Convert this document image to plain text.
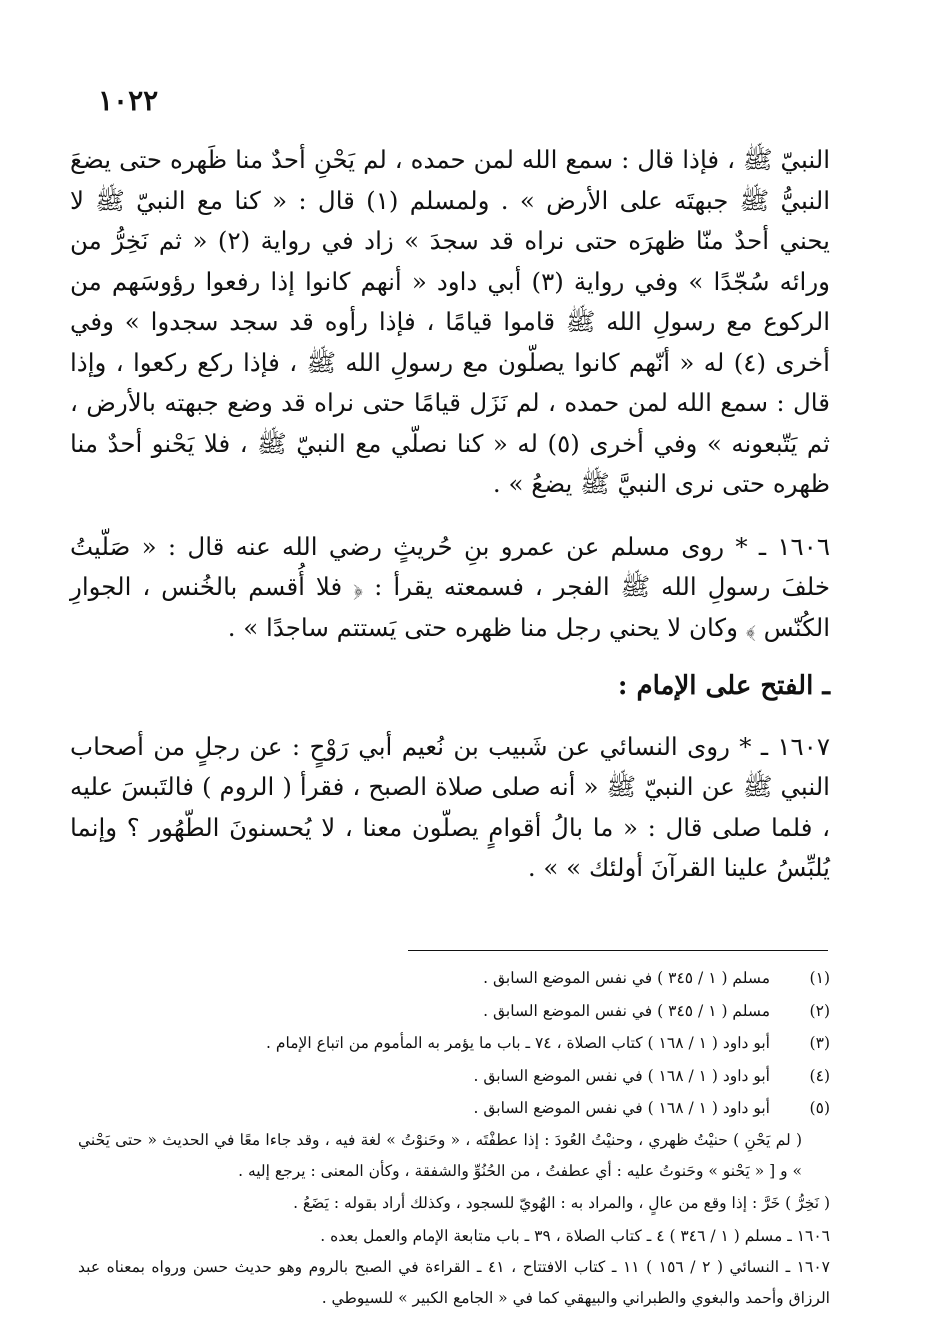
١٠٢٢

النبيّ ﷺ ، فإذا قال : سمع الله لمن حمده ، لم يَحْنِ أحدٌ منا ظَهره حتى يضعَ النبيُّ ﷺ جبهتَه على الأرض » . ولمسلم (١) قال : « كنا مع النبيّ ﷺ لا يحني أحدٌ منّا ظهرَه حتى نراه قد سجدَ » زاد في رواية (٢) « ثم نَخِرُّ من ورائه سُجّدًا » وفي رواية (٣) أبي داود « أنهم كانوا إذا رفعوا رؤوسَهم من الركوع مع رسولِ الله ﷺ قاموا قيامًا ، فإذا رأوه قد سجد سجدوا » وفي أخرى (٤) له « أنّهم كانوا يصلّون مع رسولِ الله ﷺ ، فإذا ركع ركعوا ، وإذا قال : سمع الله لمن حمده ، لم نَزَل قيامًا حتى نراه قد وضع جبهته بالأرض ، ثم يَتّبعونه » وفي أخرى (٥) له « كنا نصلّي مع النبيّ ﷺ ، فلا يَحْنو أحدٌ منا ظهره حتى نرى النبيَّ ﷺ يضعُ » .

١٦٠٦ ـ * روى مسلم عن عمرو بنِ حُريثٍ رضي الله عنه قال : « صَلّيتُ خلفَ رسولِ الله ﷺ الفجر ، فسمعته يقرأ : ﴿ فلا أُقسم بالخُنس ، الجوارِ الكُنّس ﴾ وكان لا يحني رجل منا ظهره حتى يَستتم ساجدًا » .

ـ الفتح على الإمام :

١٦٠٧ ـ * روى النسائي عن شَبيب بن نُعيم أبي رَوْحٍ : عن رجلٍ من أصحاب النبي ﷺ عن النبيّ ﷺ « أنه صلى صلاة الصبح ، فقرأ ( الروم ) فالتَبسَ عليه ، فلما صلى قال : « ما بالُ أقوامٍ يصلّون معنا ، لا يُحسنونَ الطّهُور ؟ وإنما يُلبِّسُ علينا القرآنَ أولئك » » .

(١)مسلم ( ١ / ٣٤٥ ) في نفس الموضع السابق .

(٢)مسلم ( ١ / ٣٤٥ ) في نفس الموضع السابق .

(٣)أبو داود ( ١ / ١٦٨ ) كتاب الصلاة ، ٧٤ ـ باب ما يؤمر به المأموم من اتباع الإمام .

(٤)أبو داود ( ١ / ١٦٨ ) في نفس الموضع السابق .

(٥)أبو داود ( ١ / ١٦٨ ) في نفس الموضع السابق .

( لم يَحْنِ ) حنيْتُ ظهري ، وحنيْتُ العُودَ : إذا عطفْتَه ، « وحَنوْتُ » لغة فيه ، وقد جاءا معًا في الحديث « حتى يَحْني » و [ « يَحْنو » وحَنوتُ عليه : أي عطفتُ ، من الحُنُوِّ والشفقة ، وكأن المعنى : يرجع إليه .

( نَخِرُّ ) خَرَّ : إذا وقع من عالٍ ، والمراد به : الهُويّ للسجود ، وكذلك أراد بقوله : يَضَعُ .

١٦٠٦ ـ مسلم ( ١ / ٣٤٦ ) ٤ ـ كتاب الصلاة ، ٣٩ ـ باب متابعة الإمام والعمل بعده .

١٦٠٧ ـ النسائي ( ٢ / ١٥٦ ) ١١ ـ كتاب الافتتاح ، ٤١ ـ القراءة في الصبح بالروم وهو حديث حسن ورواه بمعناه عبد الرزاق وأحمد والبغوي والطبراني والبيهقي كما في « الجامع الكبير » للسيوطي .
